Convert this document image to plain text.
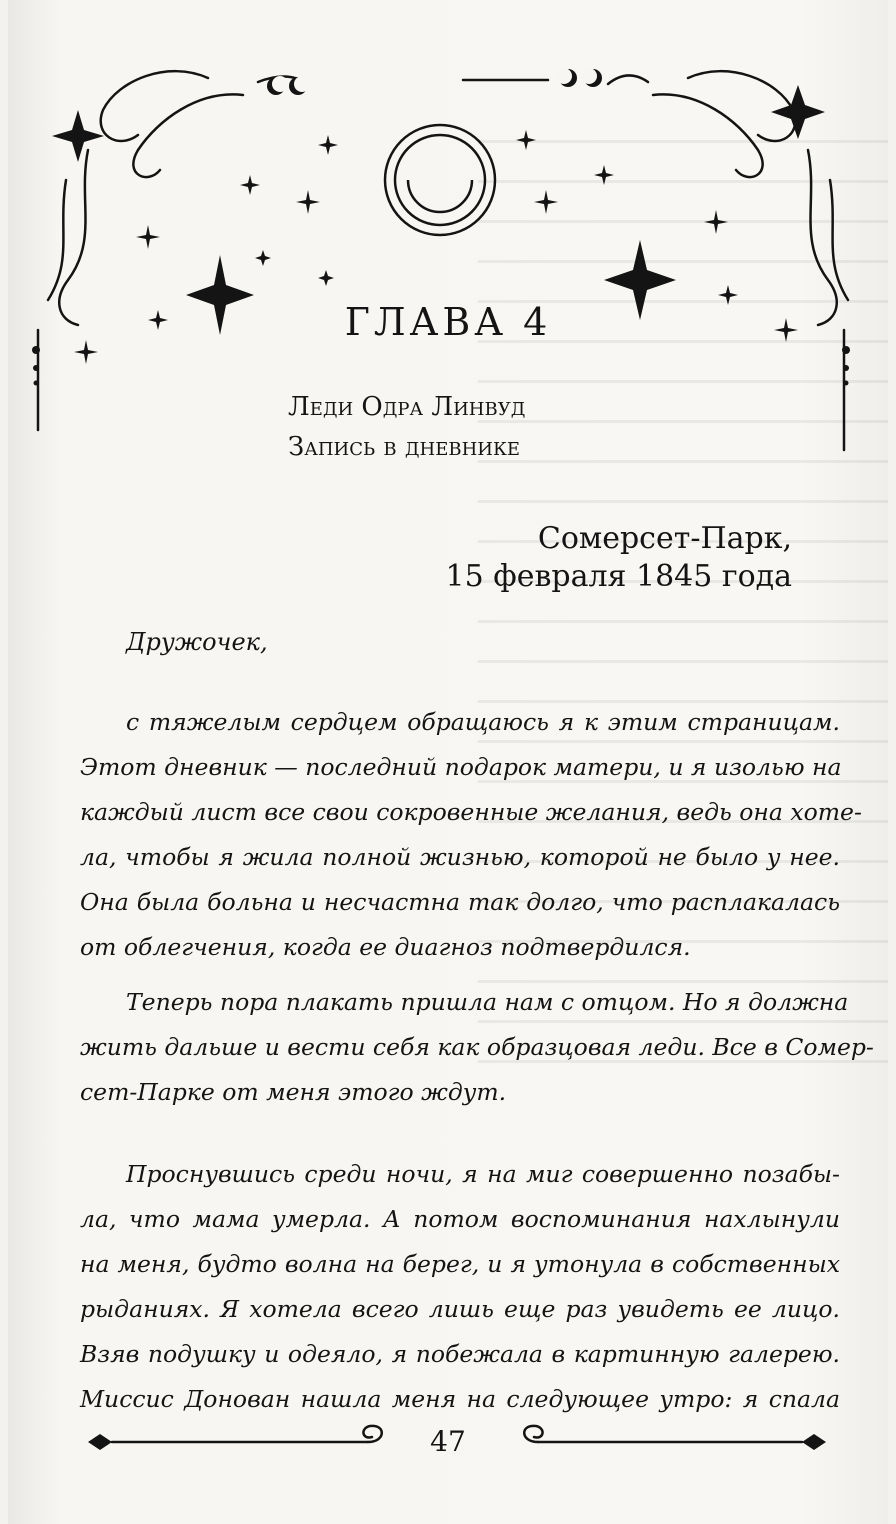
ГЛАВА 4
Леди Одра Линвуд
Запись в дневнике
Сомерсет-Парк,
15 февраля 1845 года
Дружочек,
с тяжелым сердцем обращаюсь я к этим страницам.
Этот дневник — последний подарок матери, и я изолью на
каждый лист все свои сокровенные желания, ведь она хоте-
ла, чтобы я жила полной жизнью, которой не было у нее.
Она была больна и несчастна так долго, что расплакалась
от облегчения, когда ее диагноз подтвердился.
Теперь пора плакать пришла нам с отцом. Но я должна
жить дальше и вести себя как образцовая леди. Все в Сомер-
сет-Парке от меня этого ждут.
Проснувшись среди ночи, я на миг совершенно позабы-
ла, что мама умерла. А потом воспоминания нахлынули
на меня, будто волна на берег, и я утонула в собственных
рыданиях. Я хотела всего лишь еще раз увидеть ее лицо.
Взяв подушку и одеяло, я побежала в картинную галерею.
Миссис Донован нашла меня на следующее утро: я спала
47
